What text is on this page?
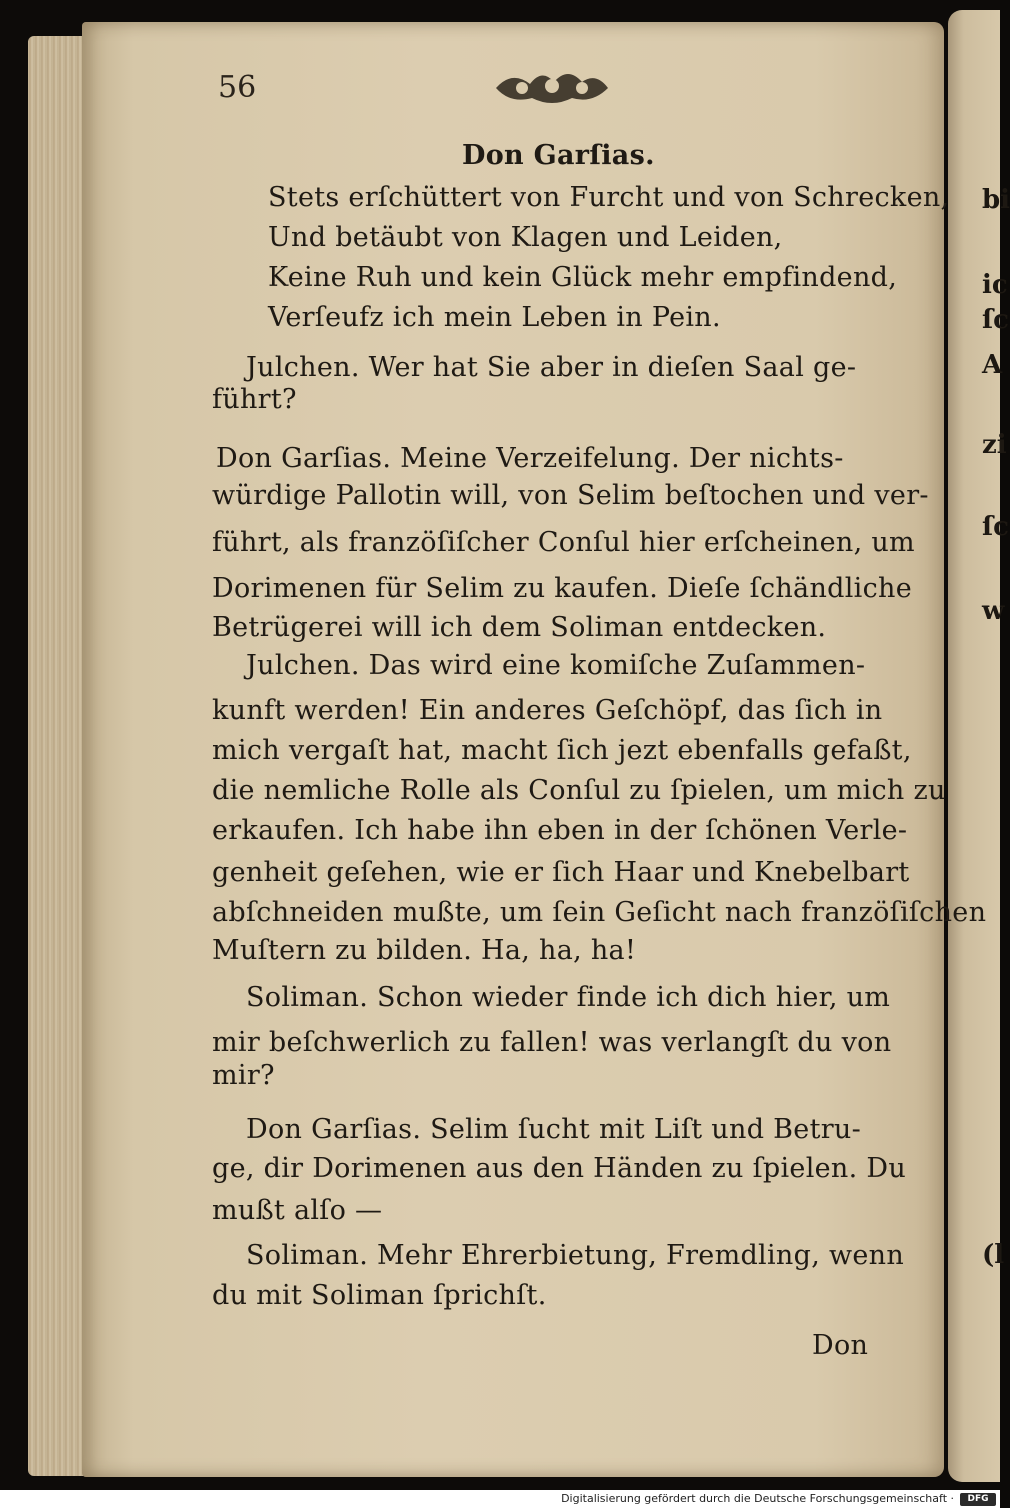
bi
ic
ſc
A
zi
ſc
w
(l
56
Don Garſias.
Stets erſchüttert von Furcht und von Schrecken,
Und betäubt von Klagen und Leiden,
Keine Ruh und kein Glück mehr empfindend,
Verſeufz ich mein Leben in Pein.
Julchen. Wer hat Sie aber in dieſen Saal ge-
führt?
Don Garſias. Meine Verzeifelung. Der nichts-
würdige Pallotin will, von Selim beſtochen und ver-
führt, als franzöſiſcher Conſul hier erſcheinen, um
Dorimenen für Selim zu kaufen. Dieſe ſchändliche
Betrügerei will ich dem Soliman entdecken.
Julchen. Das wird eine komiſche Zuſammen-
kunft werden! Ein anderes Geſchöpf, das ſich in
mich vergaſt hat, macht ſich jezt ebenfalls gefaßt,
die nemliche Rolle als Conſul zu ſpielen, um mich zu
erkaufen. Ich habe ihn eben in der ſchönen Verle-
genheit geſehen, wie er ſich Haar und Knebelbart
abſchneiden mußte, um ſein Geſicht nach franzöſiſchen
Muſtern zu bilden. Ha, ha, ha!
Soliman. Schon wieder finde ich dich hier, um
mir beſchwerlich zu fallen! was verlangſt du von
mir?
Don Garſias. Selim ſucht mit Liſt und Betru-
ge, dir Dorimenen aus den Händen zu ſpielen. Du
mußt alſo —
Soliman. Mehr Ehrerbietung, Fremdling, wenn
du mit Soliman ſprichſt.
Don
Digitalisierung gefördert durch die Deutsche Forschungsgemeinschaft ·	DFG
